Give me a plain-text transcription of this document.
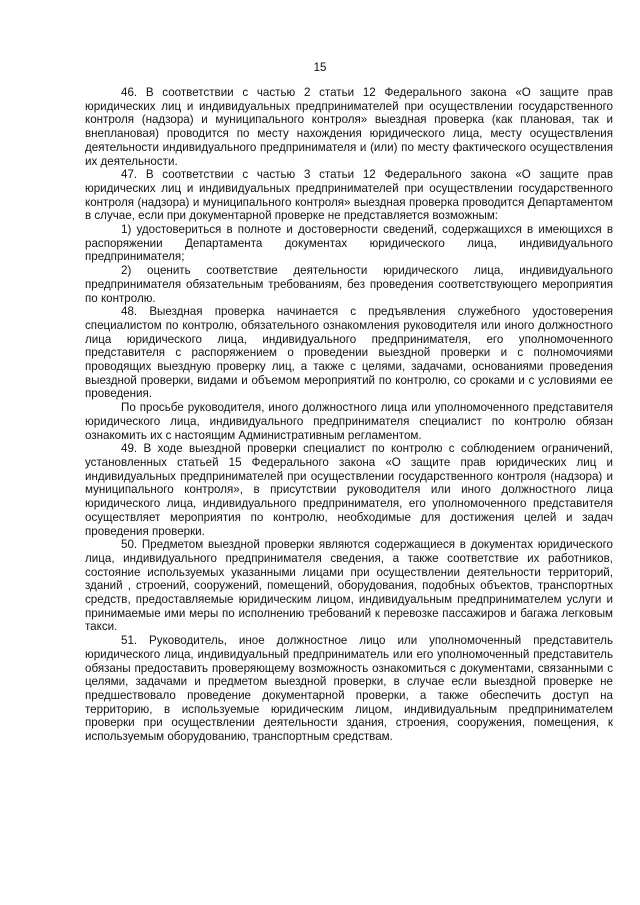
15

46. В соответствии с частью 2 статьи 12 Федерального закона «О защите прав юридических лиц и индивидуальных предпринимателей при осуществлении государственного контроля (надзора) и муниципального контроля» выездная проверка (как плановая, так и внеплановая) проводится по месту нахождения юридического лица, месту осуществления деятельности индивидуального предпринимателя и (или) по месту фактического осуществления их деятельности.

47. В соответствии с частью 3 статьи 12 Федерального закона «О защите прав юридических лиц и индивидуальных предпринимателей при осуществлении государственного контроля (надзора) и муниципального контроля» выездная проверка проводится Департаментом в случае, если при документарной проверке не представляется возможным:

1) удостовериться в полноте и достоверности сведений, содержащихся в имеющихся в распоряжении Департамента документах юридического лица, индивидуального предпринимателя;

2) оценить соответствие деятельности юридического лица, индивидуального предпринимателя обязательным требованиям, без проведения соответствующего мероприятия по контролю.

48. Выездная проверка начинается с предъявления служебного удостоверения специалистом по контролю, обязательного ознакомления руководителя или иного должностного лица юридического лица, индивидуального предпринимателя, его уполномоченного представителя с распоряжением о проведении выездной проверки и с полномочиями проводящих выездную проверку лиц, а также с целями, задачами, основаниями проведения выездной проверки, видами и объемом мероприятий по контролю, со сроками и с условиями ее проведения.

По просьбе руководителя, иного должностного лица или уполномоченного представителя юридического лица, индивидуального предпринимателя специалист по контролю обязан ознакомить их с настоящим Административным регламентом.

49. В ходе выездной проверки специалист по контролю с соблюдением ограничений, установленных статьей 15 Федерального закона «О защите прав юридических лиц и индивидуальных предпринимателей при осуществлении государственного контроля (надзора) и муниципального контроля», в присутствии руководителя или иного должностного лица юридического лица, индивидуального предпринимателя, его уполномоченного представителя осуществляет мероприятия по контролю, необходимые для достижения целей и задач проведения проверки.

50. Предметом выездной проверки являются содержащиеся в документах юридического лица, индивидуального предпринимателя сведения, а также соответствие их работников, состояние используемых указанными лицами при осуществлении деятельности территорий, зданий , строений, сооружений, помещений, оборудования, подобных объектов, транспортных средств, предоставляемые юридическим лицом, индивидуальным предпринимателем услуги и принимаемые ими меры по исполнению требований к перевозке пассажиров и багажа легковым такси.

51. Руководитель, иное должностное лицо или уполномоченный представитель юридического лица, индивидуальный предприниматель или его уполномоченный представитель обязаны предоставить проверяющему возможность ознакомиться с документами, связанными с целями, задачами и предметом выездной проверки, в случае если выездной проверке не предшествовало проведение документарной проверки, а также обеспечить доступ на территорию, в используемые юридическим лицом, индивидуальным предпринимателем проверки при осуществлении деятельности здания, строения, сооружения, помещения, к используемым оборудованию, транспортным средствам.
